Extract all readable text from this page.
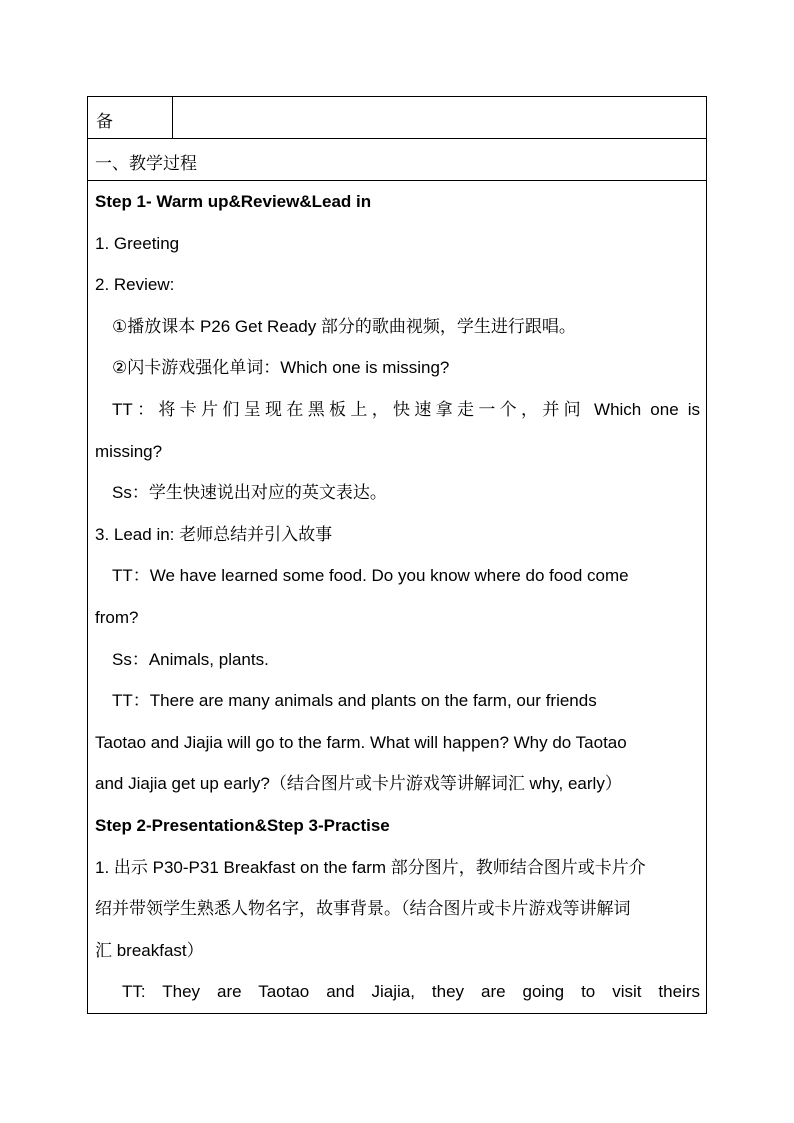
备
一、教学过程
Step 1- Warm up&Review&Lead in
1. Greeting
2. Review:
①播放课本 P26 Get Ready 部分的歌曲视频，学生进行跟唱。
②闪卡游戏强化单词：Which one is missing?
TT：将卡片们呈现在黑板上，快速拿走一个，并问 Which one is
missing?
Ss：学生快速说出对应的英文表达。
3. Lead in: 老师总结并引入故事
TT：We have learned some food. Do you know where do food come
from?
Ss：Animals, plants.
TT：There are many animals and plants on the farm, our friends
Taotao and Jiajia will go to the farm. What will happen? Why do Taotao
and Jiajia get up early?（结合图片或卡片游戏等讲解词汇 why, early）
Step 2-Presentation&Step 3-Practise
1. 出示 P30-P31 Breakfast on the farm 部分图片，教师结合图片或卡片介
绍并带领学生熟悉人物名字，故事背景。（结合图片或卡片游戏等讲解词
汇 breakfast）
TT: They are Taotao and Jiajia, they are going to visit theirs
